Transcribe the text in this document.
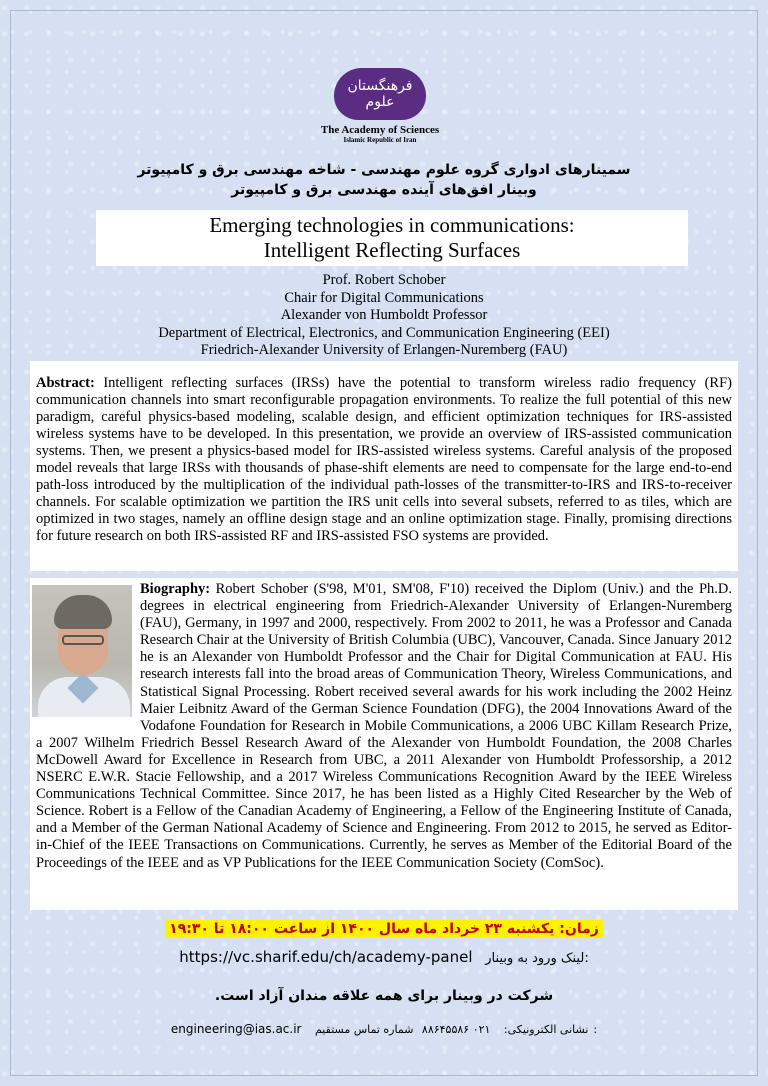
فرهنگستان علوم
The Academy of Sciences
Islamic Republic of Iran
سمینارهای ادواری گروه علوم مهندسی - شاخه مهندسی برق و کامپیوتر
وبینار افق‌های آینده مهندسی برق و کامپیوتر
Emerging technologies in communications:
Intelligent Reflecting Surfaces
Prof. Robert Schober
Chair for Digital Communications
Alexander von Humboldt Professor
Department of Electrical, Electronics, and Communication Engineering (EEI)
Friedrich-Alexander University of Erlangen-Nuremberg (FAU)
Abstract: Intelligent reflecting surfaces (IRSs) have the potential to transform wireless radio frequency (RF) communication channels into smart reconfigurable propagation environments. To realize the full potential of this new paradigm, careful physics-based modeling, scalable design, and efficient optimization techniques for IRS-assisted wireless systems have to be developed. In this presentation, we provide an overview of IRS-assisted communication systems. Then, we present a physics-based model for IRS-assisted wireless systems. Careful analysis of the proposed model reveals that large IRSs with thousands of phase-shift elements are need to compensate for the large end-to-end path-loss introduced by the multiplication of the individual path-losses of the transmitter-to-IRS and IRS-to-receiver channels. For scalable optimization we partition the IRS unit cells into several subsets, referred to as tiles, which are optimized in two stages, namely an offline design stage and an online optimization stage. Finally, promising directions for future research on both IRS-assisted RF and IRS-assisted FSO systems are provided.
Biography: Robert Schober (S'98, M'01, SM'08, F'10) received the Diplom (Univ.) and the Ph.D. degrees in electrical engineering from Friedrich-Alexander University of Erlangen-Nuremberg (FAU), Germany, in 1997 and 2000, respectively. From 2002 to 2011, he was a Professor and Canada Research Chair at the University of British Columbia (UBC), Vancouver, Canada. Since January 2012 he is an Alexander von Humboldt Professor and the Chair for Digital Communication at FAU. His research interests fall into the broad areas of Communication Theory, Wireless Communications, and Statistical Signal Processing. Robert received several awards for his work including the 2002 Heinz Maier Leibnitz Award of the German Science Foundation (DFG), the 2004 Innovations Award of the Vodafone Foundation for Research in Mobile Communications, a 2006 UBC Killam Research Prize, a 2007 Wilhelm Friedrich Bessel Research Award of the Alexander von Humboldt Foundation, the 2008 Charles McDowell Award for Excellence in Research from UBC, a 2011 Alexander von Humboldt Professorship, a 2012 NSERC E.W.R. Stacie Fellowship, and a 2017 Wireless Communications Recognition Award by the IEEE Wireless Communications Technical Committee. Since 2017, he has been listed as a Highly Cited Researcher by the Web of Science. Robert is a Fellow of the Canadian Academy of Engineering, a Fellow of the Engineering Institute of Canada, and a Member of the German National Academy of Science and Engineering. From 2012 to 2015, he served as Editor-in-Chief of the IEEE Transactions on Communications. Currently, he serves as Member of the Editorial Board of the Proceedings of the IEEE and as VP Publications for the IEEE Communication Society (ComSoc).
زمان: یکشنبه ۲۳ خرداد ماه سال ۱۴۰۰ از ساعت ۱۸:۰۰ تا ۱۹:۳۰
https://vc.sharif.edu/ch/academy-panel لینک ورود به وبینار:
شرکت در وبینار برای همه علاقه مندان آزاد است.
engineering@ias.ac.ir	نشانی الکترونیکی: ۰۲۱ ۸۸۶۴۵۵۸۶ شماره تماس مستقیم:
